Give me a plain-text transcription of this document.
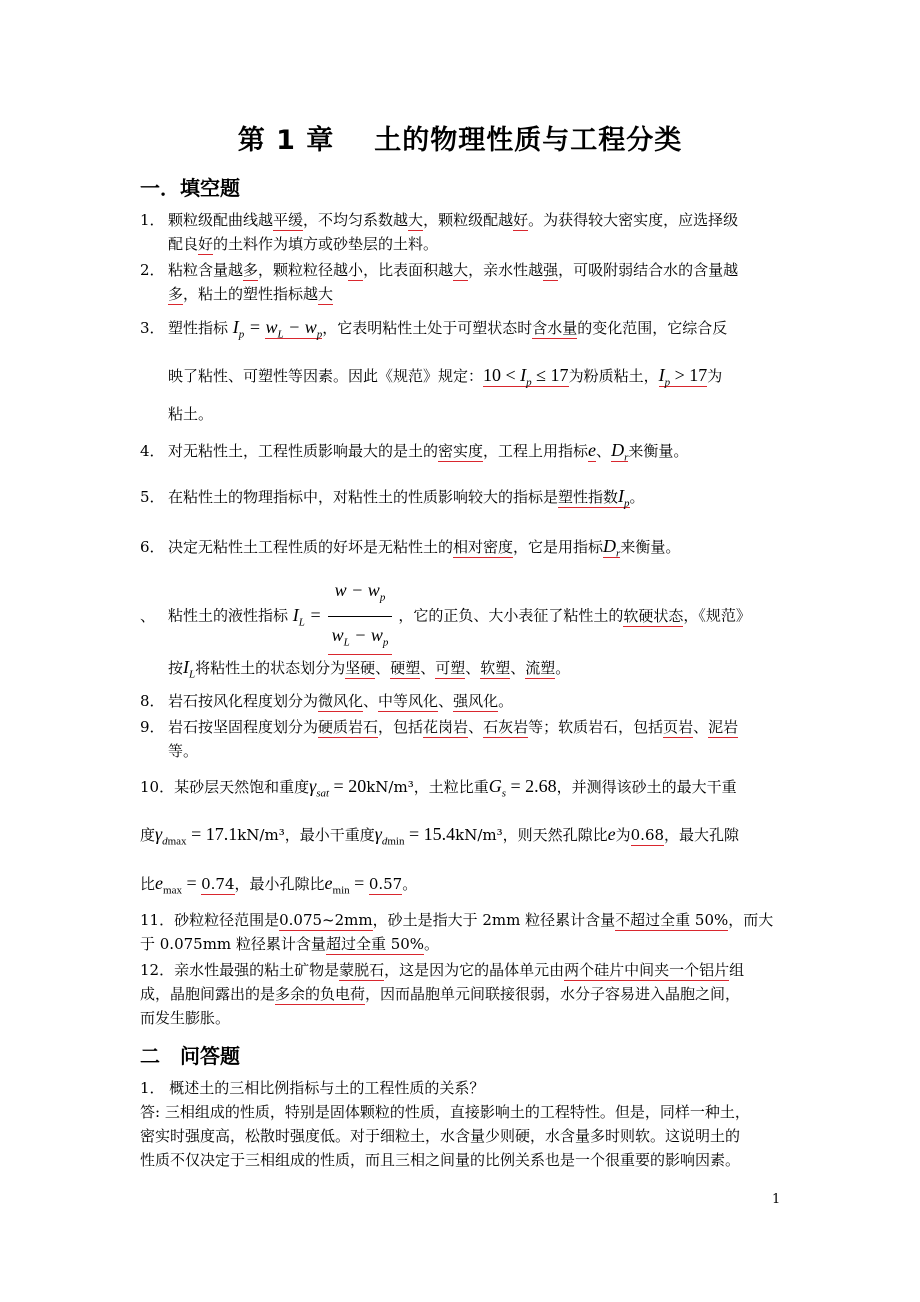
第 1 章 土的物理性质与工程分类
一．填空题
1． 颗粒级配曲线越平缓，不均匀系数越大，颗粒级配越好。为获得较大密实度，应选择级
配良好的土料作为填方或砂垫层的土料。
2． 粘粒含量越多，颗粒粒径越小，比表面积越大，亲水性越强，可吸附弱结合水的含量越
多，粘土的塑性指标越大
3． 塑性指标 $I_p = w_L - w_p$，它表明粘性土处于可塑状态时含水量的变化范围，它综合反
映了粘性、可塑性等因素。因此《规范》规定：$10 < I_p \le 17$为粉质粘土，$I_p > 17$为
粘土。
4． 对无粘性土，工程性质影响最大的是土的密实度，工程上用指标e、$D_r$来衡量。
5． 在粘性土的物理指标中，对粘性土的性质影响较大的指标是塑性指数$I_p$。
6． 决定无粘性土工程性质的好坏是无粘性土的相对密度，它是用指标$D_r$来衡量。
、 粘性土的液性指标 $I_L = \frac{w - w_p}{w_L - w_p}$ ，它的正负、大小表征了粘性土的软硬状态，《规范》
按$I_L$将粘性土的状态划分为坚硬、硬塑、可塑、软塑、流塑。
8． 岩石按风化程度划分为微风化、中等风化、强风化。
9． 岩石按坚固程度划分为硬质岩石，包括花岗岩、石灰岩等；软质岩石，包括页岩、泥岩
等。
10．某砂层天然饱和重度$\gamma_{sat} = 20kN/m^3$，土粒比重$G_s = 2.68$，并测得该砂土的最大干重
度$\gamma_{dmax} = 17.1kN/m^3$，最小干重度$\gamma_{dmin} = 15.4kN/m^3$，则天然孔隙比e为0.68，最大孔隙
比$e_{max} = 0.74$，最小孔隙比$e_{min} = 0.57$。
11．砂粒粒径范围是0.075~2mm，砂土是指大于 2mm 粒径累计含量不超过全重 50%，而大
于 0.075mm 粒径累计含量超过全重 50%。
12．亲水性最强的粘土矿物是蒙脱石，这是因为它的晶体单元由两个硅片中间夹一个铝片组
成，晶胞间露出的是多余的负电荷，因而晶胞单元间联接很弱，水分子容易进入晶胞之间，
而发生膨胀。
二　问答题
1． 概述土的三相比例指标与土的工程性质的关系？
答: 三相组成的性质，特别是固体颗粒的性质，直接影响土的工程特性。但是，同样一种土，
密实时强度高，松散时强度低。对于细粒土，水含量少则硬，水含量多时则软。这说明土的
性质不仅决定于三相组成的性质，而且三相之间量的比例关系也是一个很重要的影响因素。
1
